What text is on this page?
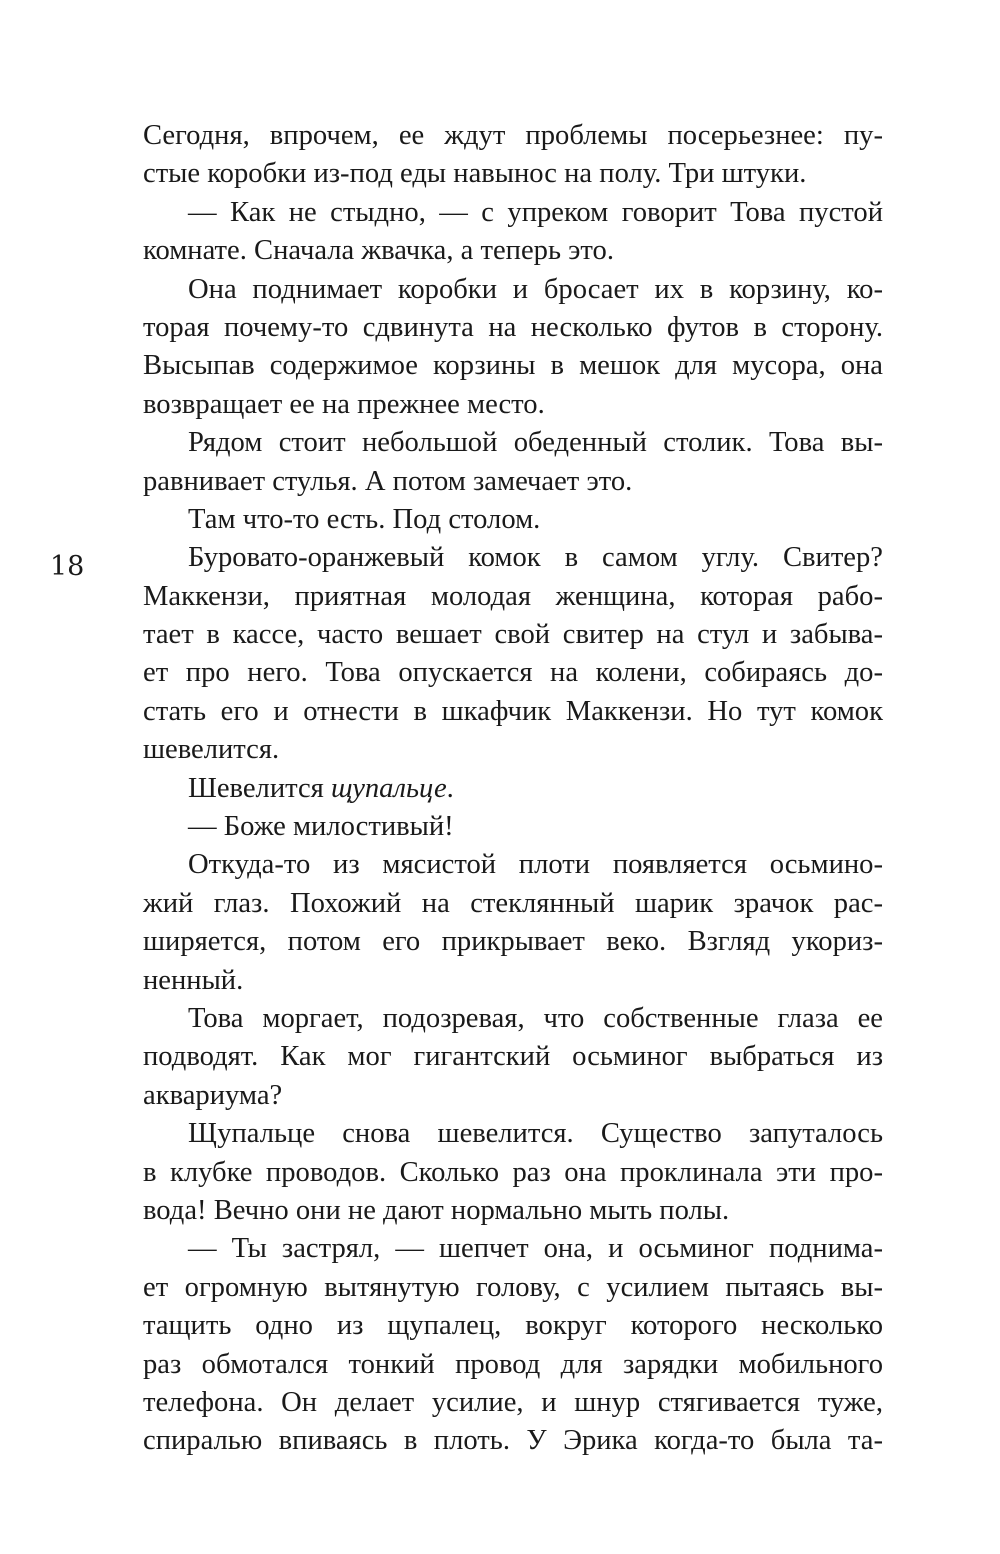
18
Сегодня, впрочем, ее ждут проблемы посерьезнее: пу-
стые коробки из-под еды навынос на полу. Три штуки.
— Как не стыдно, — с упреком говорит Това пустой
комнате. Сначала жвачка, а теперь это.
Она поднимает коробки и бросает их в корзину, ко-
торая почему-то сдвинута на несколько футов в сторону.
Высыпав содержимое корзины в мешок для мусора, она
возвращает ее на прежнее место.
Рядом стоит небольшой обеденный столик. Това вы-
равнивает стулья. А потом замечает это.
Там что-то есть. Под столом.
Буровато-оранжевый комок в самом углу. Свитер?
Маккензи, приятная молодая женщина, которая рабо-
тает в кассе, часто вешает свой свитер на стул и забыва-
ет про него. Това опускается на колени, собираясь до-
стать его и отнести в шкафчик Маккензи. Но тут комок
шевелится.
Шевелится щупальце.
— Боже милостивый!
Откуда-то из мясистой плоти появляется осьмино-
жий глаз. Похожий на стеклянный шарик зрачок рас-
ширяется, потом его прикрывает веко. Взгляд укориз-
ненный.
Това моргает, подозревая, что собственные глаза ее
подводят. Как мог гигантский осьминог выбраться из
аквариума?
Щупальце снова шевелится. Существо запуталось
в клубке проводов. Сколько раз она проклинала эти про-
вода! Вечно они не дают нормально мыть полы.
— Ты застрял, — шепчет она, и осьминог поднима-
ет огромную вытянутую голову, с усилием пытаясь вы-
тащить одно из щупалец, вокруг которого несколько
раз обмотался тонкий провод для зарядки мобильного
телефона. Он делает усилие, и шнур стягивается туже,
спиралью впиваясь в плоть. У Эрика когда-то была та-
